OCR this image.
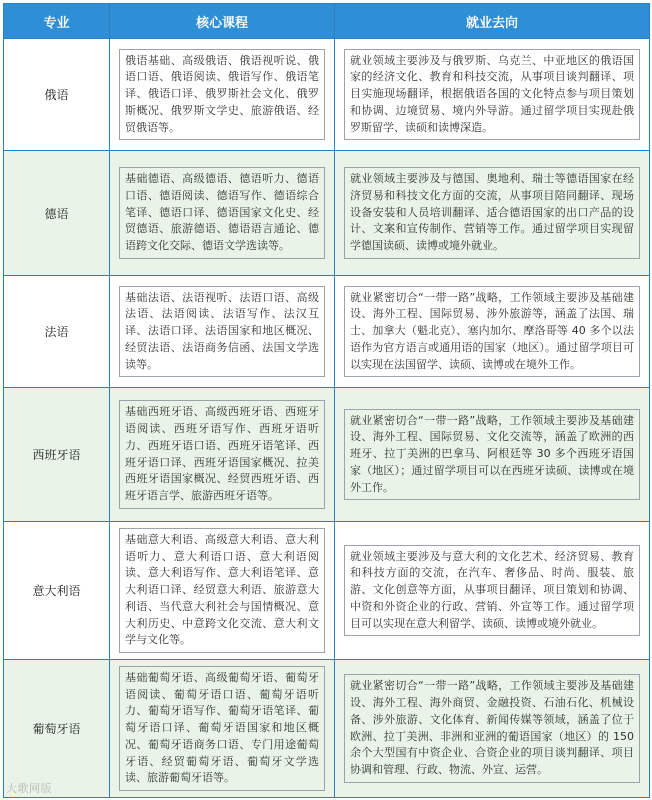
专业	核心课程	就业去向
俄语	俄语基础、高级俄语、俄语视听说、俄语口语、俄语阅读、俄语写作、俄语笔译、俄语口译、俄罗斯社会文化、俄罗斯概况、俄罗斯文学史、旅游俄语、经贸俄语等。	就业领域主要涉及与俄罗斯、乌克兰、中亚地区的俄语国家的经济文化、教育和科技交流，从事项目谈判翻译、项目实施现场翻译，根据俄语各国的文化特点参与项目策划和协调、边境贸易、境内外导游。通过留学项目实现赴俄罗斯留学、读硕和读博深造。

德语	基础德语、高级德语、德语听力、德语口语、德语阅读、德语写作、德语综合笔译、德语口译、德语国家文化史、经贸德语、旅游德语、德语语言通论、德语跨文化交际、德语文学选读等。	就业领域主要涉及与德国、奥地利、瑞士等德语国家在经济贸易和科技文化方面的交流，从事项目陪同翻译、现场设备安装和人员培训翻译、适合德语国家的出口产品的设计、文案和宣传制作、营销等工作。通过留学项目实现留学德国读硕、读博或境外就业。

法语	基础法语、法语视听、法语口语、高级法语、法语阅读、法语写作、法汉互译、法语口译、法语国家和地区概况、经贸法语、法语商务信函、法国文学选读等。	就业紧密切合“一带一路”战略，工作领域主要涉及基础建设、海外工程、国际贸易、涉外旅游等，涵盖了法国、瑞士、加拿大（魁北克）、塞内加尔、摩洛哥等 40 多个以法语作为官方语言或通用语的国家（地区）。通过留学项目可以实现在法国留学、读硕、读博或在境外工作。

西班牙语	基础西班牙语、高级西班牙语、西班牙语阅读、西班牙语写作、西班牙语听力、西班牙语口语、西班牙语笔译、西班牙语口译、西班牙语国家概况、拉美西班牙语国家概况、经贸西班牙语、西班牙语言学、旅游西班牙语等。	就业紧密切合“一带一路”战略，工作领域主要涉及基础建设、海外工程、国际贸易、文化交流等，涵盖了欧洲的西班牙、拉丁美洲的巴拿马、阿根廷等 30 多个西班牙语国家（地区）；通过留学项目可以在西班牙读硕、读博或在境外工作。

意大利语	基础意大利语、高级意大利语、意大利语听力、意大利语口语、意大利语阅读、意大利语写作、意大利语笔译、意大利语口译、经贸意大利语、旅游意大利语、当代意大利社会与国情概况、意大利历史、中意跨文化交流、意大利文学与文化等。	就业领域主要涉及与意大利的文化艺术、经济贸易、教育和科技方面的交流，在汽车、奢侈品、时尚、服装、旅游、文化创意等方面，从事项目翻译、项目策划和协调、中资和外资企业的行政、营销、外宣等工作。通过留学项目可以实现在意大利留学、读硕、读博或境外就业。

葡萄牙语	基础葡萄牙语、高级葡萄牙语、葡萄牙语阅读、葡萄牙语口语、葡萄牙语听力、葡萄牙语写作、葡萄牙语笔译、葡萄牙语口译、葡萄牙语国家和地区概况、葡萄牙语商务口语、专门用途葡萄牙语、经贸葡萄牙语、葡萄牙文学选读、旅游葡萄牙语等。	就业紧密切合“一带一路”战略，工作领域主要涉及基础建设、海外工程、海外商贸、金融投资、石油石化、机械设备、涉外旅游、文化体育、新闻传媒等领域，涵盖了位于欧洲、拉丁美洲、非洲和亚洲的葡语国家（地区）的 150 余个大型国有中资企业、合资企业的项目谈判翻译、项目协调和管理、行政、物流、外宣、运营。
大歌网版
